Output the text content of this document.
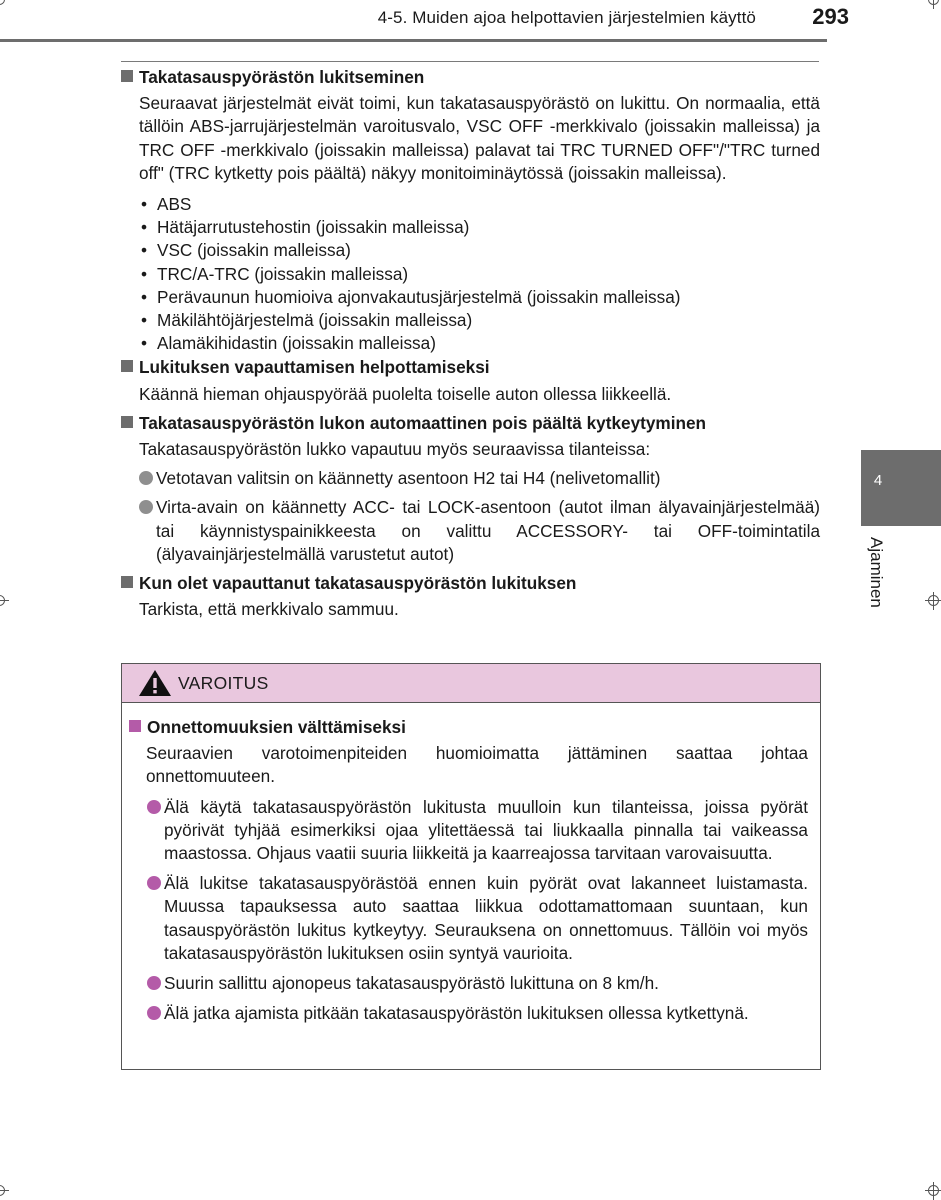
4-5. Muiden ajoa helpottavien järjestelmien käyttö	293
4
Ajaminen

Takatasauspyörästön lukitseminen

Seuraavat järjestelmät eivät toimi, kun takatasauspyörästö on lukittu. On normaalia, että tällöin ABS-jarrujärjestelmän varoitusvalo, VSC OFF -merkkivalo (joissakin malleissa) ja TRC OFF -merkkivalo (joissakin malleissa) palavat tai TRC TURNED OFF"/"TRC turned off" (TRC kytketty pois päältä) näkyy monitoiminäytössä (joissakin malleissa).

• ABS
• Hätäjarrutustehostin (joissakin malleissa)
• VSC (joissakin malleissa)
• TRC/A-TRC (joissakin malleissa)
• Perävaunun huomioiva ajonvakautusjärjestelmä (joissakin malleissa)
• Mäkilähtöjärjestelmä (joissakin malleissa)
• Alamäkihidastin (joissakin malleissa)

Lukituksen vapauttamisen helpottamiseksi

Käännä hieman ohjauspyörää puolelta toiselle auton ollessa liikkeellä.

Takatasauspyörästön lukon automaattinen pois päältä kytkeytyminen

Takatasauspyörästön lukko vapautuu myös seuraavissa tilanteissa:

Vetotavan valitsin on käännetty asentoon H2 tai H4 (nelivetomallit)
Virta-avain on käännetty ACC- tai LOCK-asentoon (autot ilman älyavainjärjestelmää) tai käynnistyspainikkeesta on valittu ACCESSORY- tai OFF-toimintatila (älyavainjärjestelmällä varustetut autot)

Kun olet vapauttanut takatasauspyörästön lukituksen

Tarkista, että merkkivalo sammuu.

VAROITUS

Onnettomuuksien välttämiseksi

Seuraavien varotoimenpiteiden huomioimatta jättäminen saattaa johtaa onnettomuuteen.

Älä käytä takatasauspyörästön lukitusta muulloin kun tilanteissa, joissa pyörät pyörivät tyhjää esimerkiksi ojaa ylitettäessä tai liukkaalla pinnalla tai vaikeassa maastossa. Ohjaus vaatii suuria liikkeitä ja kaarreajossa tarvitaan varovaisuutta.
Älä lukitse takatasauspyörästöä ennen kuin pyörät ovat lakanneet luistamasta. Muussa tapauksessa auto saattaa liikkua odottamattomaan suuntaan, kun tasauspyörästön lukitus kytkeytyy. Seurauksena on onnettomuus. Tällöin voi myös takatasauspyörästön lukituksen osiin syntyä vaurioita.
Suurin sallittu ajonopeus takatasauspyörästö lukittuna on 8 km/h.
Älä jatka ajamista pitkään takatasauspyörästön lukituksen ollessa kytkettynä.
